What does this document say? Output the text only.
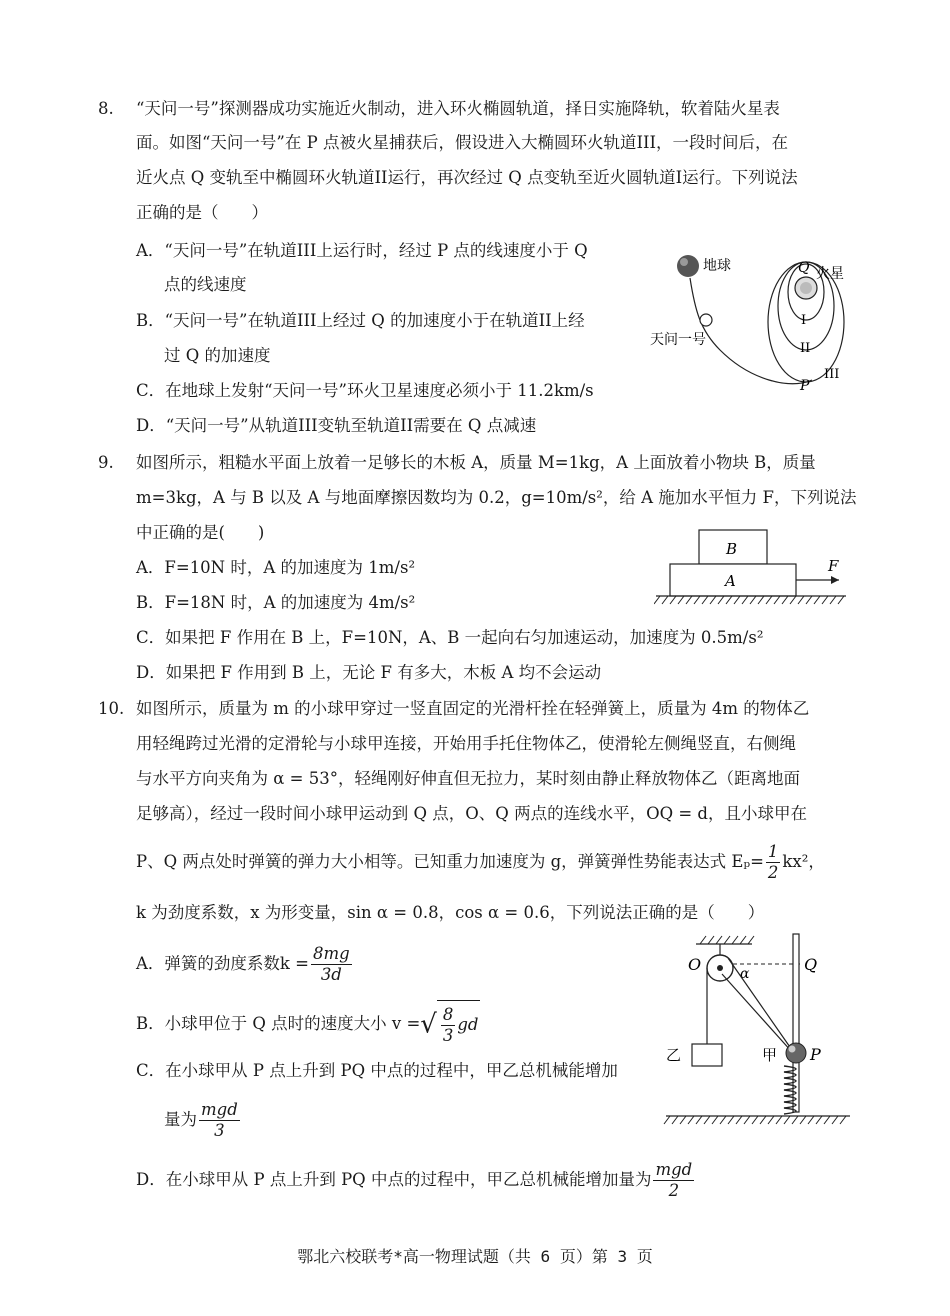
8. “天问一号”探测器成功实施近火制动，进入环火椭圆轨道，择日实施降轨，软着陆火星表
面。如图“天问一号”在 P 点被火星捕获后，假设进入大椭圆环火轨道III，一段时间后，在
近火点 Q 变轨至中椭圆环火轨道II运行，再次经过 Q 点变轨至近火圆轨道I运行。下列说法
正确的是（　　）
A．“天问一号”在轨道III上运行时，经过 P 点的线速度小于 Q
点的线速度
B．“天问一号”在轨道III上经过 Q 的加速度小于在轨道II上经
过 Q 的加速度
C．在地球上发射“天问一号”环火卫星速度必须小于 11.2km/s
D．“天问一号”从轨道III变轨至轨道II需要在 Q 点减速
地球
天问一号
Q 火星
I
II
III
P
9. 如图所示，粗糙水平面上放着一足够长的木板 A，质量 M=1kg，A 上面放着小物块 B，质量
m=3kg，A 与 B 以及 A 与地面摩擦因数均为 0.2，g=10m/s²，给 A 施加水平恒力 F，下列说法
中正确的是(　　)
A．F=10N 时，A 的加速度为 1m/s²
B．F=18N 时，A 的加速度为 4m/s²
C．如果把 F 作用在 B 上，F=10N，A、B 一起向右匀加速运动，加速度为 0.5m/s²
D．如果把 F 作用到 B 上，无论 F 有多大，木板 A 均不会运动
B
A
F
10. 如图所示，质量为 m 的小球甲穿过一竖直固定的光滑杆拴在轻弹簧上，质量为 4m 的物体乙
用轻绳跨过光滑的定滑轮与小球甲连接，开始用手托住物体乙，使滑轮左侧绳竖直，右侧绳
与水平方向夹角为 α = 53°，轻绳刚好伸直但无拉力，某时刻由静止释放物体乙（距离地面
足够高），经过一段时间小球甲运动到 Q 点，O、Q 两点的连线水平，OQ = d，且小球甲在
P、Q 两点处时弹簧的弹力大小相等。已知重力加速度为 g，弹簧弹性势能表达式 $E_p= \frac{1}{2} kx^2$，
k 为劲度系数，x 为形变量，sin α = 0.8，cos α = 0.6，下列说法正确的是（　　）
A．弹簧的劲度系数$k = \frac{8mg}{3d}$
B．小球甲位于 Q 点时的速度大小 v =√ $\frac{8}{3}$ gd
C．在小球甲从 P 点上升到 PQ 中点的过程中，甲乙总机械能增加
量为 $\frac{\text{mgd}}{3}$
D．在小球甲从 P 点上升到 PQ 中点的过程中，甲乙总机械能增加量为 $\frac{\text{mgd}}{2}$
O	α	Q
乙	甲 P
鄂北六校联考*高一物理试题（共 6 页）第 3 页
